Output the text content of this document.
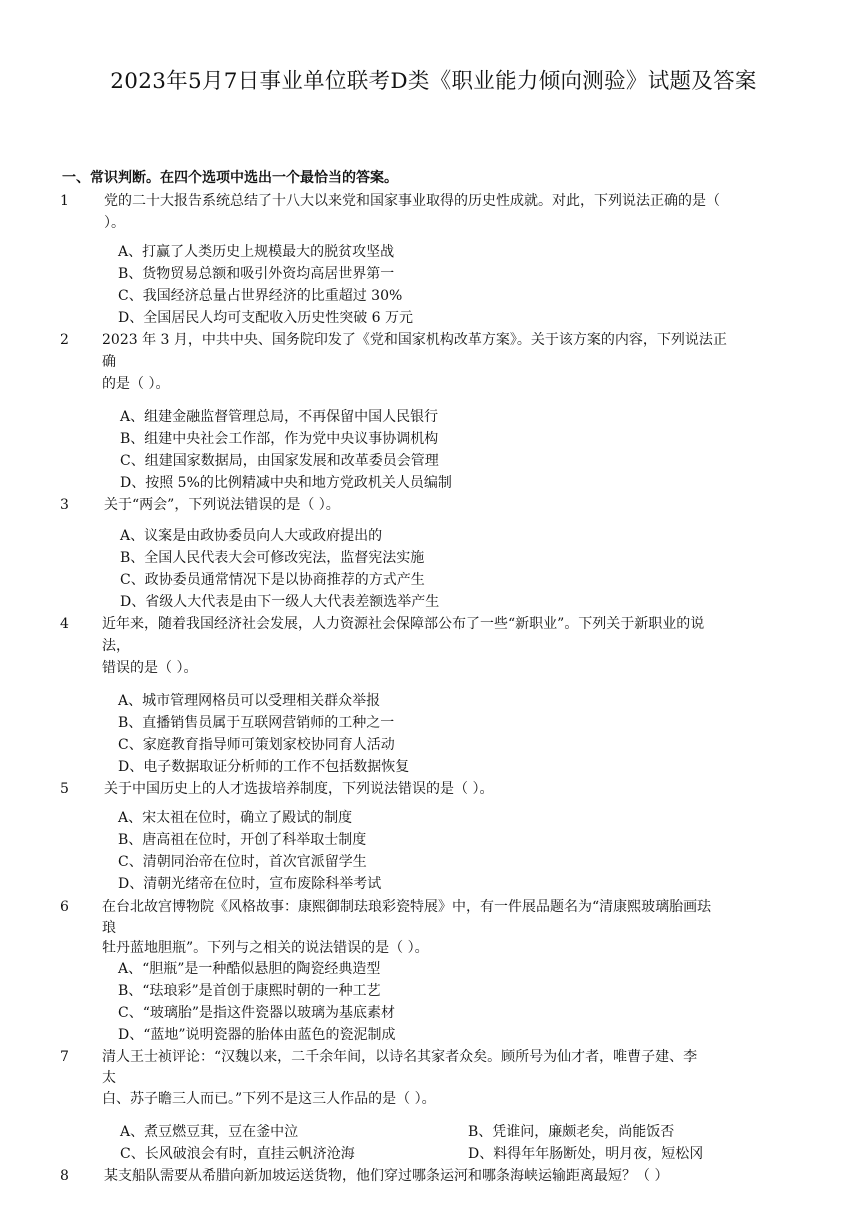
2023年5月7日事业单位联考D类《职业能力倾向测验》试题及答案
一、常识判断。在四个选项中选出一个最恰当的答案。
1	党的二十大报告系统总结了十八大以来党和国家事业取得的历史性成就。对此，下列说法正确的是（
）。
A、打赢了人类历史上规模最大的脱贫攻坚战
B、货物贸易总额和吸引外资均高居世界第一
C、我国经济总量占世界经济的比重超过 30%
D、全国居民人均可支配收入历史性突破 6 万元
2 2023 年 3 月，中共中央、国务院印发了《党和国家机构改革方案》。关于该方案的内容，下列说法正
确
的是（ ）。
A、组建金融监督管理总局，不再保留中国人民银行
B、组建中央社会工作部，作为党中央议事协调机构
C、组建国家数据局，由国家发展和改革委员会管理
D、按照 5%的比例精减中央和地方党政机关人员编制
3	关于“两会”，下列说法错误的是（ ）。
A、议案是由政协委员向人大或政府提出的
B、全国人民代表大会可修改宪法，监督宪法实施
C、政协委员通常情况下是以协商推荐的方式产生
D、省级人大代表是由下一级人大代表差额选举产生
4 近年来，随着我国经济社会发展，人力资源社会保障部公布了一些“新职业”。下列关于新职业的说
法，
错误的是（ ）。
A、城市管理网格员可以受理相关群众举报
B、直播销售员属于互联网营销师的工种之一
C、家庭教育指导师可策划家校协同育人活动
D、电子数据取证分析师的工作不包括数据恢复
5	关于中国历史上的人才选拔培养制度，下列说法错误的是（ ）。
A、宋太祖在位时，确立了殿试的制度
B、唐高祖在位时，开创了科举取士制度
C、清朝同治帝在位时，首次官派留学生
D、清朝光绪帝在位时，宣布废除科举考试
6 在台北故宫博物院《风格故事：康熙御制珐琅彩瓷特展》中，有一件展品题名为“清康熙玻璃胎画珐
琅
牡丹蓝地胆瓶”。下列与之相关的说法错误的是（ ）。
A、“胆瓶”是一种酷似悬胆的陶瓷经典造型
B、“珐琅彩”是首创于康熙时朝的一种工艺
C、“玻璃胎”是指这件瓷器以玻璃为基底素材
D、“蓝地”说明瓷器的胎体由蓝色的瓷泥制成
7 清人王士祯评论：“汉魏以来，二千余年间，以诗名其家者众矣。顾所号为仙才者，唯曹子建、李
太
白、苏子瞻三人而已。”下列不是这三人作品的是（ ）。
A、煮豆燃豆萁，豆在釜中泣	B、凭谁问，廉颇老矣，尚能饭否
C、长风破浪会有时，直挂云帆济沧海	D、料得年年肠断处，明月夜，短松冈
8	某支船队需要从希腊向新加坡运送货物，他们穿过哪条运河和哪条海峡运输距离最短？（ ）
